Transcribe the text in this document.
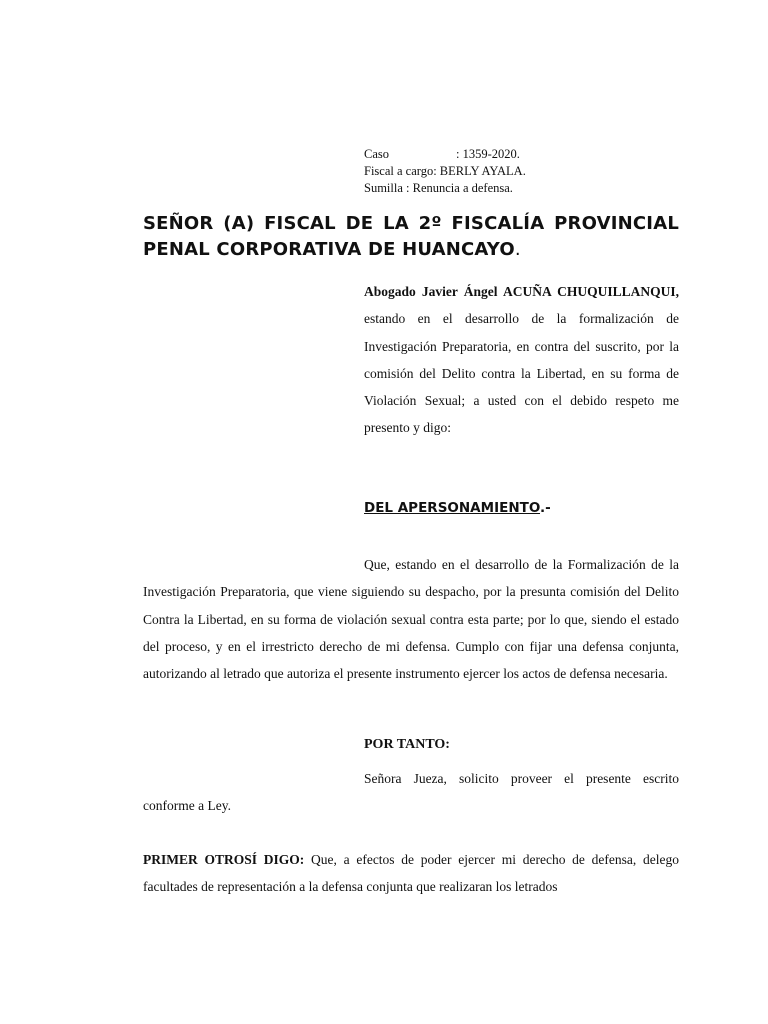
Caso	: 1359-2020.
Fiscal a cargo: BERLY AYALA.
Sumilla : Renuncia a defensa.
SEÑOR (A) FISCAL DE LA 2º FISCALÍA PROVINCIAL PENAL CORPORATIVA DE HUANCAYO.
Abogado Javier Ángel ACUÑA CHUQUILLANQUI, estando en el desarrollo de la formalización de Investigación Preparatoria, en contra del suscrito, por la comisión del Delito contra la Libertad, en su forma de Violación Sexual; a usted con el debido respeto me presento y digo:
DEL APERSONAMIENTO.-
Que, estando en el desarrollo de la Formalización de la Investigación Preparatoria, que viene siguiendo su despacho, por la presunta comisión del Delito Contra la Libertad, en su forma de violación sexual contra esta parte; por lo que, siendo el estado del proceso, y en el irrestricto derecho de mi defensa. Cumplo con fijar una defensa conjunta, autorizando al letrado que autoriza el presente instrumento ejercer los actos de defensa necesaria.
POR TANTO:
Señora Jueza, solicito proveer el presente escrito conforme a Ley.
PRIMER OTROSÍ DIGO: Que, a efectos de poder ejercer mi derecho de defensa, delego facultades de representación a la defensa conjunta que realizaran los letrados
